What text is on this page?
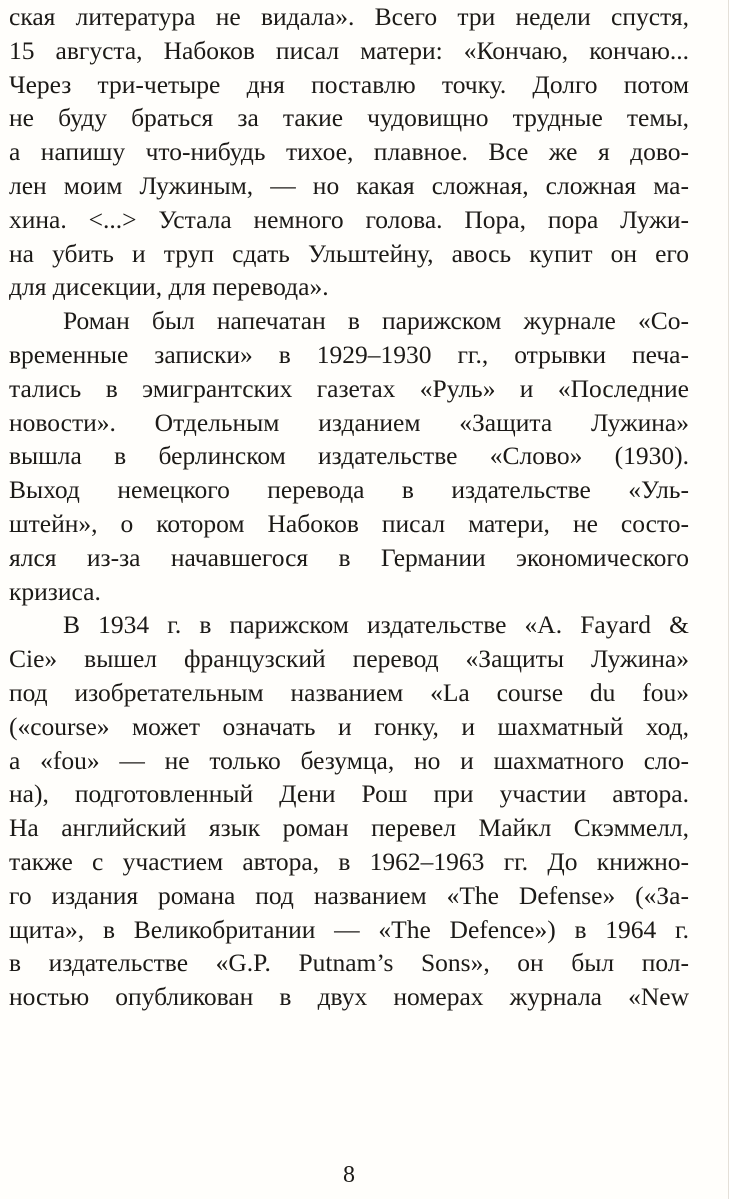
ская литература не видала». Всего три недели спустя,
15 августа, Набоков писал матери: «Кончаю, кончаю...
Через три-четыре дня поставлю точку. Долго потом
не буду браться за такие чудовищно трудные темы,
а напишу что-нибудь тихое, плавное. Все же я дово-
лен моим Лужиным, — но какая сложная, сложная ма-
хина. <...> Устала немного голова. Пора, пора Лужи-
на убить и труп сдать Ульштейну, авось купит он его
для дисекции, для перевода».
Роман был напечатан в парижском журнале «Со-
временные записки» в 1929–1930 гг., отрывки печа-
тались в эмигрантских газетах «Руль» и «Последние
новости». Отдельным изданием «Защита Лужина»
вышла в берлинском издательстве «Слово» (1930).
Выход немецкого перевода в издательстве «Уль-
штейн», о котором Набоков писал матери, не состо-
ялся из-за начавшегося в Германии экономического
кризиса.
В 1934 г. в парижском издательстве «A. Fayard &
Cie» вышел французский перевод «Защиты Лужина»
под изобретательным названием «La course du fou»
(«course» может означать и гонку, и шахматный ход,
а «fou» — не только безумца, но и шахматного сло-
на), подготовленный Дени Рош при участии автора.
На английский язык роман перевел Майкл Скэммелл,
также с участием автора, в 1962–1963 гг. До книжно-
го издания романа под названием «The Defense» («За-
щита», в Великобритании — «The Defence») в 1964 г.
в издательстве «G.P. Putnam’s Sons», он был пол-
ностью опубликован в двух номерах журнала «New
8
